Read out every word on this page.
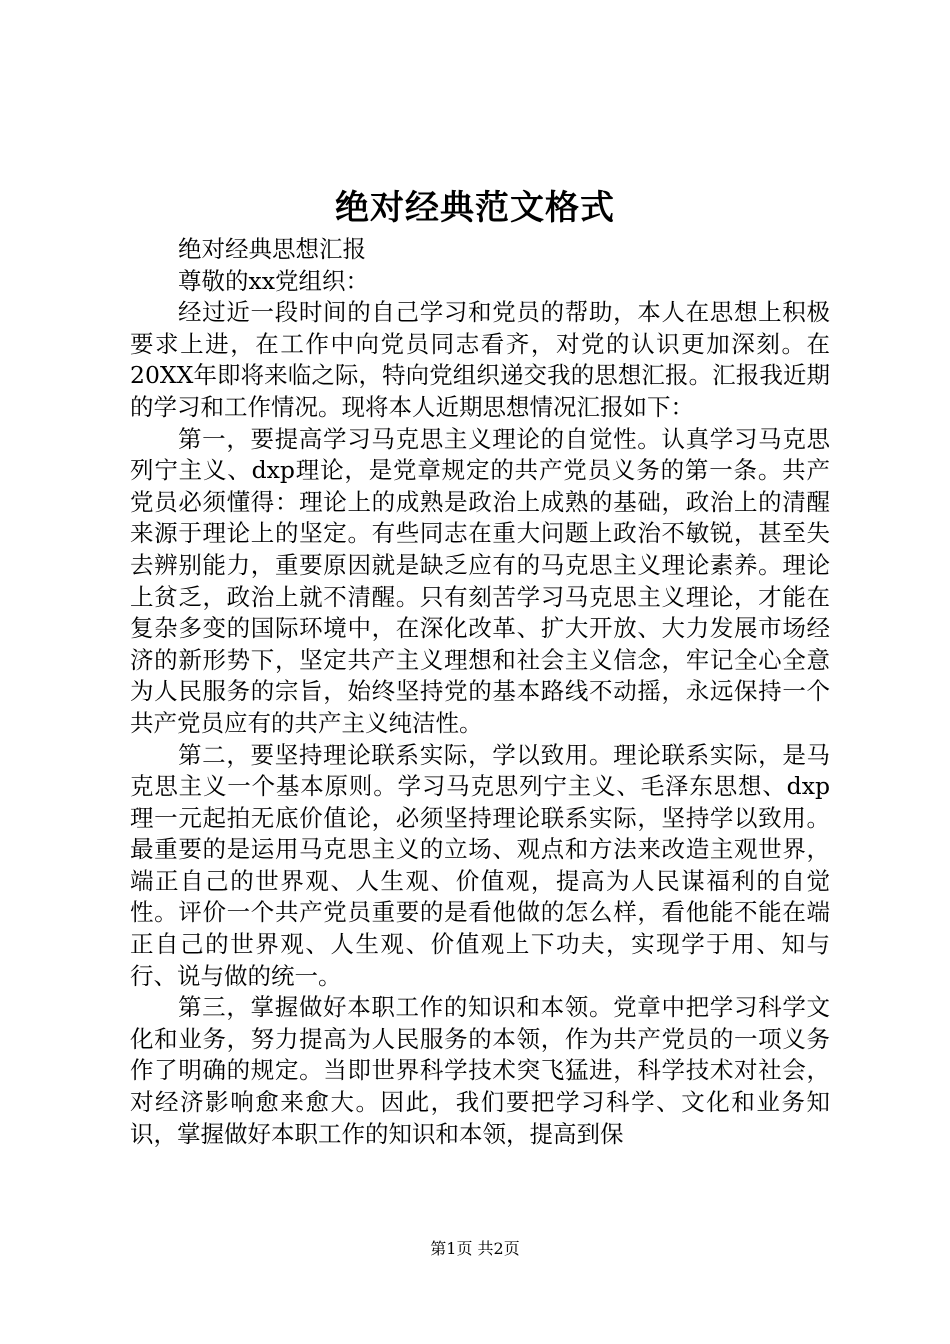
绝对经典范文格式

绝对经典思想汇报

尊敬的xx党组织：

经过近一段时间的自己学习和党员的帮助，本人在思想上积极要求上进，在工作中向党员同志看齐，对党的认识更加深刻。在20XX年即将来临之际，特向党组织递交我的思想汇报。汇报我近期的学习和工作情况。现将本人近期思想情况汇报如下：

第一，要提高学习马克思主义理论的自觉性。认真学习马克思列宁主义、dxp理论，是党章规定的共产党员义务的第一条。共产党员必须懂得：理论上的成熟是政治上成熟的基础，政治上的清醒来源于理论上的坚定。有些同志在重大问题上政治不敏锐，甚至失去辨别能力，重要原因就是缺乏应有的马克思主义理论素养。理论上贫乏，政治上就不清醒。只有刻苦学习马克思主义理论，才能在复杂多变的国际环境中，在深化改革、扩大开放、大力发展市场经济的新形势下，坚定共产主义理想和社会主义信念，牢记全心全意为人民服务的宗旨，始终坚持党的基本路线不动摇，永远保持一个共产党员应有的共产主义纯洁性。

第二，要坚持理论联系实际，学以致用。理论联系实际，是马克思主义一个基本原则。学习马克思列宁主义、毛泽东思想、dxp理一元起拍无底价值论，必须坚持理论联系实际，坚持学以致用。最重要的是运用马克思主义的立场、观点和方法来改造主观世界，端正自己的世界观、人生观、价值观，提高为人民谋福利的自觉性。评价一个共产党员重要的是看他做的怎么样，看他能不能在端正自己的世界观、人生观、价值观上下功夫，实现学于用、知与行、说与做的统一。

第三，掌握做好本职工作的知识和本领。党章中把学习科学文化和业务，努力提高为人民服务的本领，作为共产党员的一项义务作了明确的规定。当即世界科学技术突飞猛进，科学技术对社会，对经济影响愈来愈大。因此，我们要把学习科学、文化和业务知识，掌握做好本职工作的知识和本领，提高到保

第1页 共2页
